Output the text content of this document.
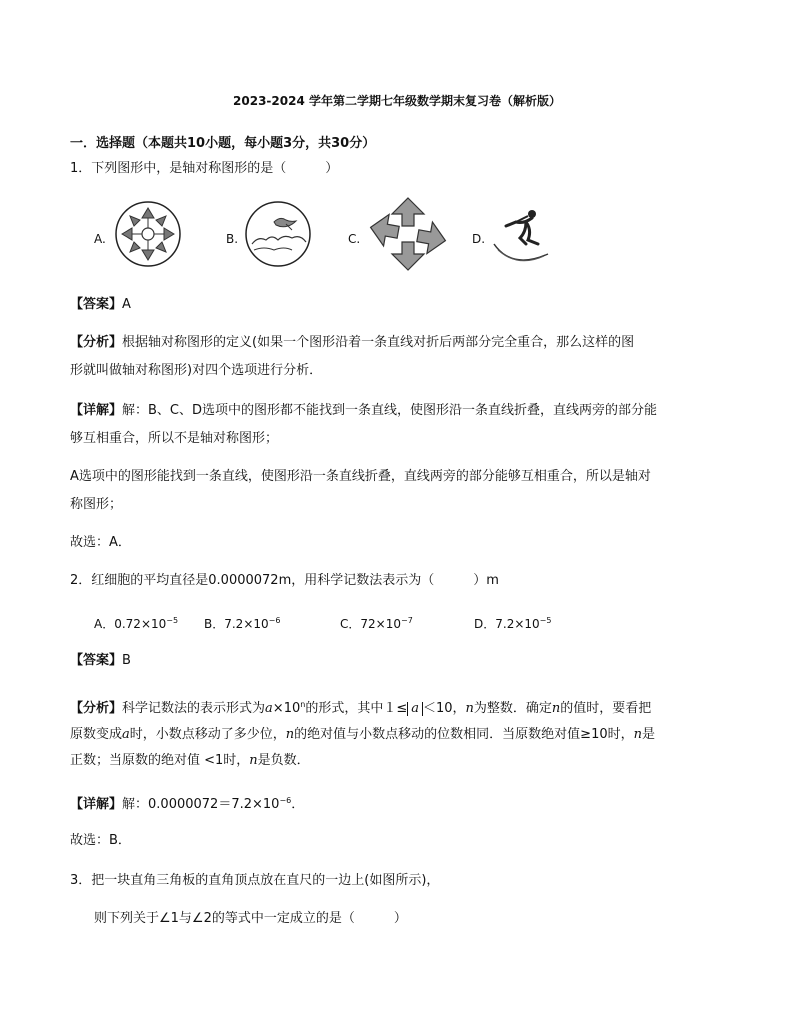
2023-2024 学年第二学期七年级数学期末复习卷（解析版）
一．选择题（本题共10小题，每小题3分，共30分）
1．下列图形中，是轴对称图形的是（　　　）
A.	B.	C.	D.
【答案】A
【分析】根据轴对称图形的定义(如果一个图形沿着一条直线对折后两部分完全重合，那么这样的图
形就叫做轴对称图形)对四个选项进行分析．
【详解】解：B、C、D选项中的图形都不能找到一条直线，使图形沿一条直线折叠，直线两旁的部分能
够互相重合，所以不是轴对称图形；
A选项中的图形能找到一条直线，使图形沿一条直线折叠，直线两旁的部分能够互相重合，所以是轴对
称图形；
故选：A．
2．红细胞的平均直径是0.0000072m，用科学记数法表示为（　　　）m
A．$0.72\times 10^{-5}$ B．$7.2\times 10^{-6}$	C．$72\times 10^{-7}$	D．$7.2\times 10^{-5}$
【答案】B
【分析】科学记数法的表示形式为$a\times 10^n$的形式，其中１≤ a ＜10，n为整数．确定n的值时，要看把
原数变成a时，小数点移动了多少位，n的绝对值与小数点移动的位数相同．当原数绝对值≥10时，n是
正数；当原数的绝对值 <1时，n是负数．
【详解】解：$0.0000072=7.2\times 10^{-6}$．
故选：B．
3．把一块直角三角板的直角顶点放在直尺的一边上(如图所示)，
则下列关于∠1与∠2的等式中一定成立的是（　　　）
